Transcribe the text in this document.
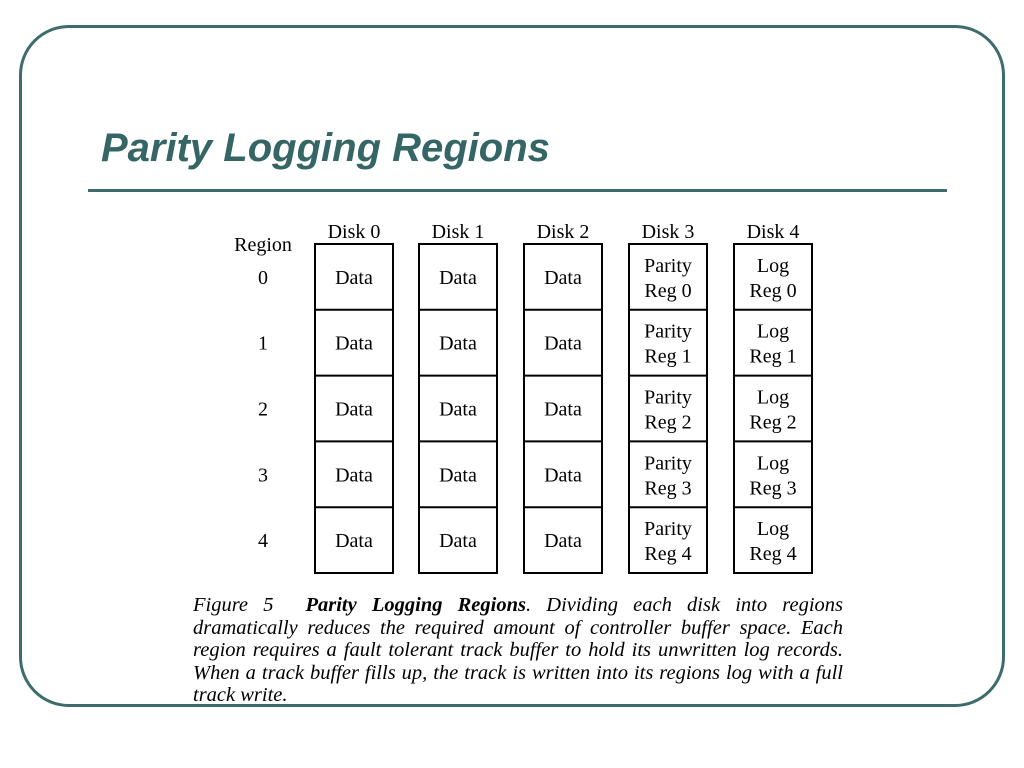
Parity Logging Regions
Region
0
1
2
3
4
Disk 0
Data
Data
Data
Data
Data
Disk 1
Data
Data
Data
Data
Data
Disk 2
Data
Data
Data
Data
Data
Disk 3
Parity
Reg 0
Parity
Reg 1
Parity
Reg 2
Parity
Reg 3
Parity
Reg 4
Disk 4
Log
Reg 0
Log
Reg 1
Log
Reg 2
Log
Reg 3
Log
Reg 4
Figure 5 Parity Logging Regions. Dividing each disk into regions dramatically reduces the required amount of controller buffer space. Each region requires a fault tolerant track buffer to hold its unwritten log records. When a track buffer fills up, the track is written into its regions log with a full track write.
